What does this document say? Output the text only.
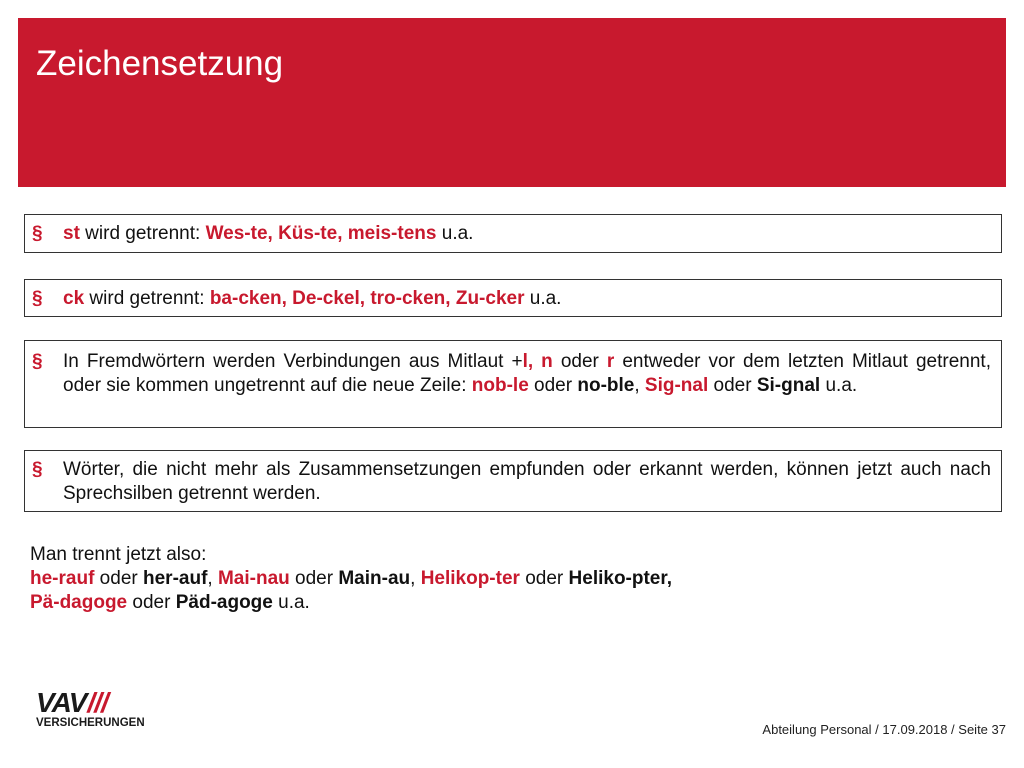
Zeichensetzung
§ st wird getrennt: Wes-te, Küs-te, meis-tens u.a.
§ ck wird getrennt: ba-cken, De-ckel, tro-cken, Zu-cker u.a.
§ In Fremdwörtern werden Verbindungen aus Mitlaut +l, n oder r entweder vor dem letzten Mitlaut getrennt, oder sie kommen ungetrennt auf die neue Zeile: nob-le oder no-ble, Sig-nal oder Si-gnal u.a.
§ Wörter, die nicht mehr als Zusammensetzungen empfunden oder erkannt werden, können jetzt auch nach Sprechsilben getrennt werden.
Man trennt jetzt also:
he-rauf oder her-auf, Mai-nau oder Main-au, Helikop-ter oder Heliko-pter,
Pä-dagoge oder Päd-agoge u.a.
VAV///
VERSICHERUNGEN	Abteilung Personal / 17.09.2018 / Seite 37
